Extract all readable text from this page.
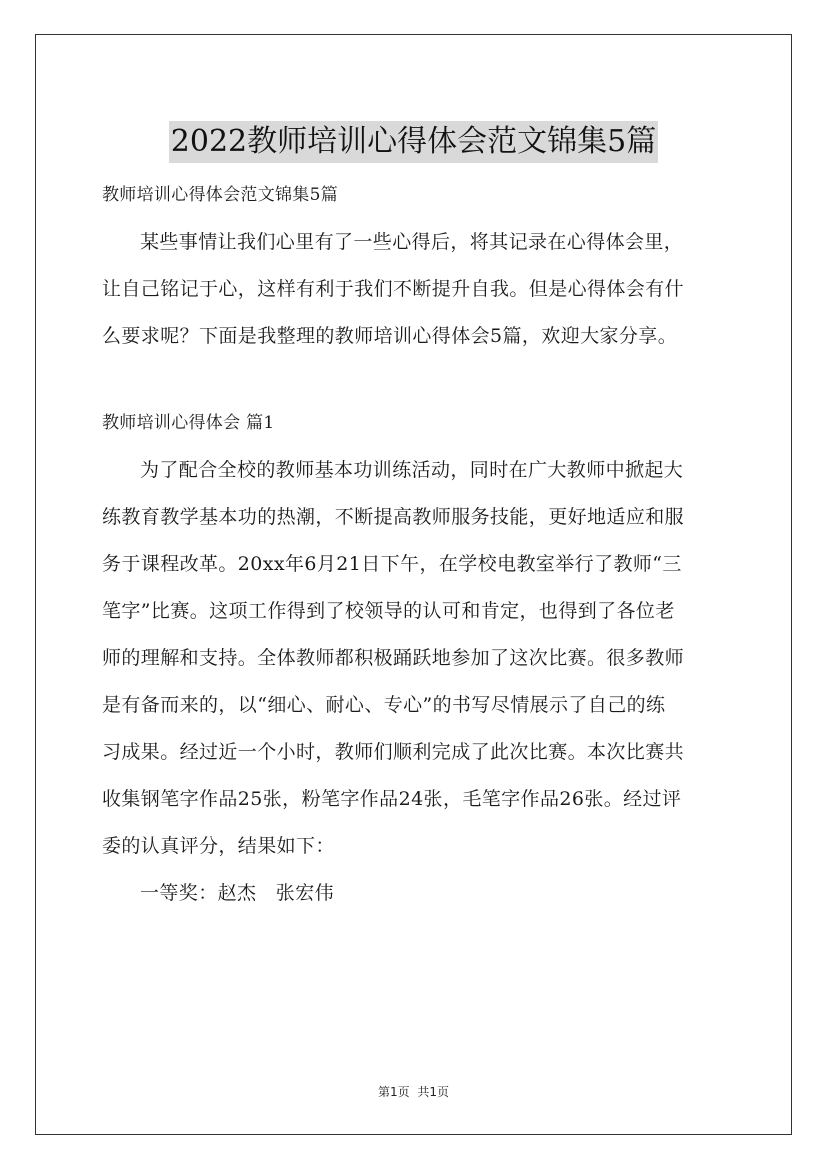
2022教师培训心得体会范文锦集5篇

教师培训心得体会范文锦集5篇

某些事情让我们心里有了一些心得后，将其记录在心得体会里，

让自己铭记于心，这样有利于我们不断提升自我。但是心得体会有什

么要求呢？下面是我整理的教师培训心得体会5篇，欢迎大家分享。

教师培训心得体会 篇1

为了配合全校的教师基本功训练活动，同时在广大教师中掀起大

练教育教学基本功的热潮，不断提高教师服务技能，更好地适应和服

务于课程改革。20xx年6月21日下午，在学校电教室举行了教师“三

笔字”比赛。这项工作得到了校领导的认可和肯定，也得到了各位老

师的理解和支持。全体教师都积极踊跃地参加了这次比赛。很多教师

是有备而来的，以“细心、耐心、专心”的书写尽情展示了自己的练

习成果。经过近一个小时，教师们顺利完成了此次比赛。本次比赛共

收集钢笔字作品25张，粉笔字作品24张，毛笔字作品26张。经过评

委的认真评分，结果如下：

一等奖：赵杰　张宏伟

第1页 共1页
